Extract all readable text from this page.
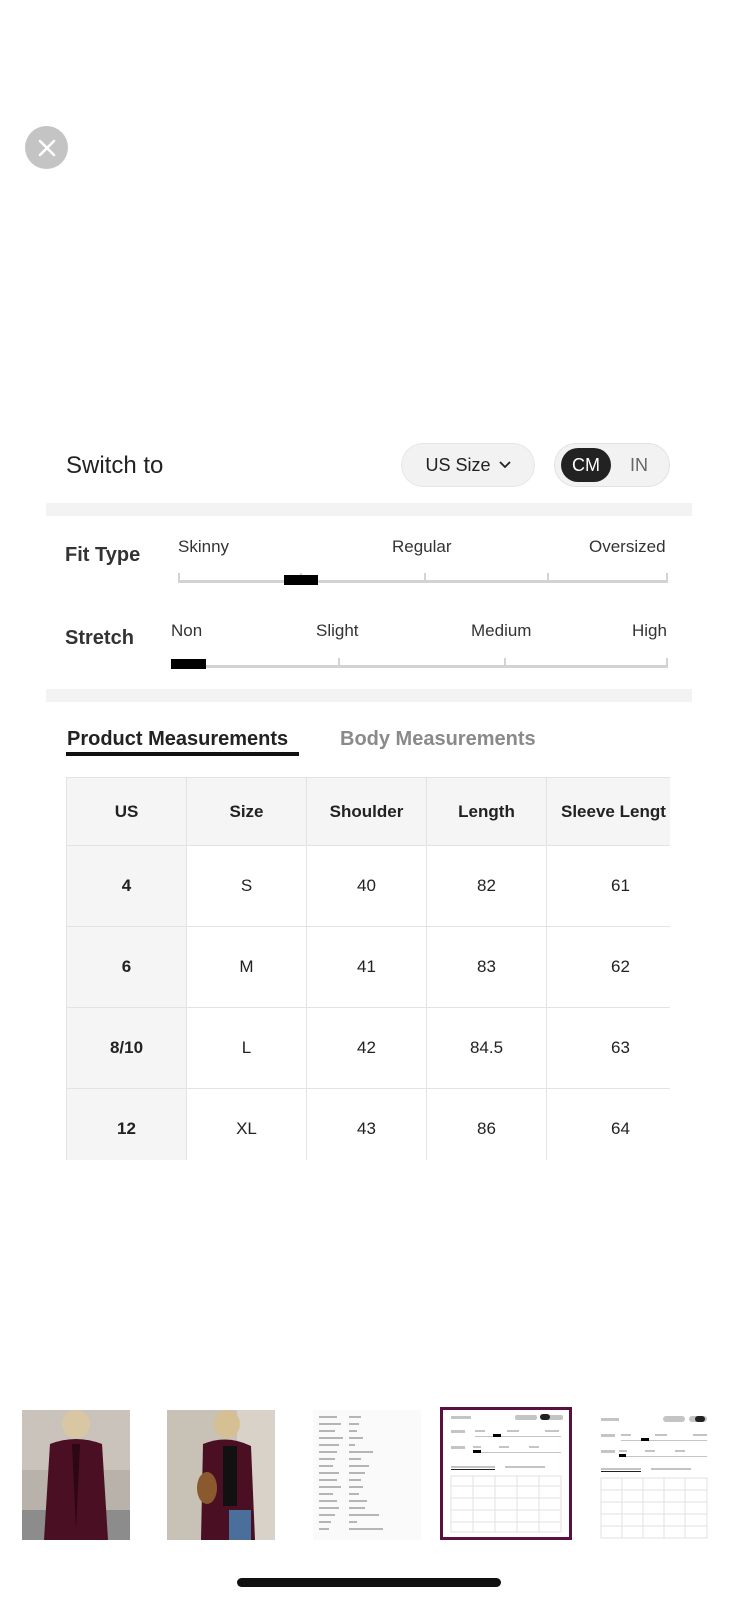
Switch to	US Size	CM	IN
Fit Type Skinny	Regular	Oversized
Stretch Non	Slight	Medium	High
Product Measurements	Body Measurements
US	Size	Shoulder	Length	Sleeve Lengt
4	S	40	82	61
6	M	41	83	62
8/10	L	42	84.5	63
12	XL	43	86	64
